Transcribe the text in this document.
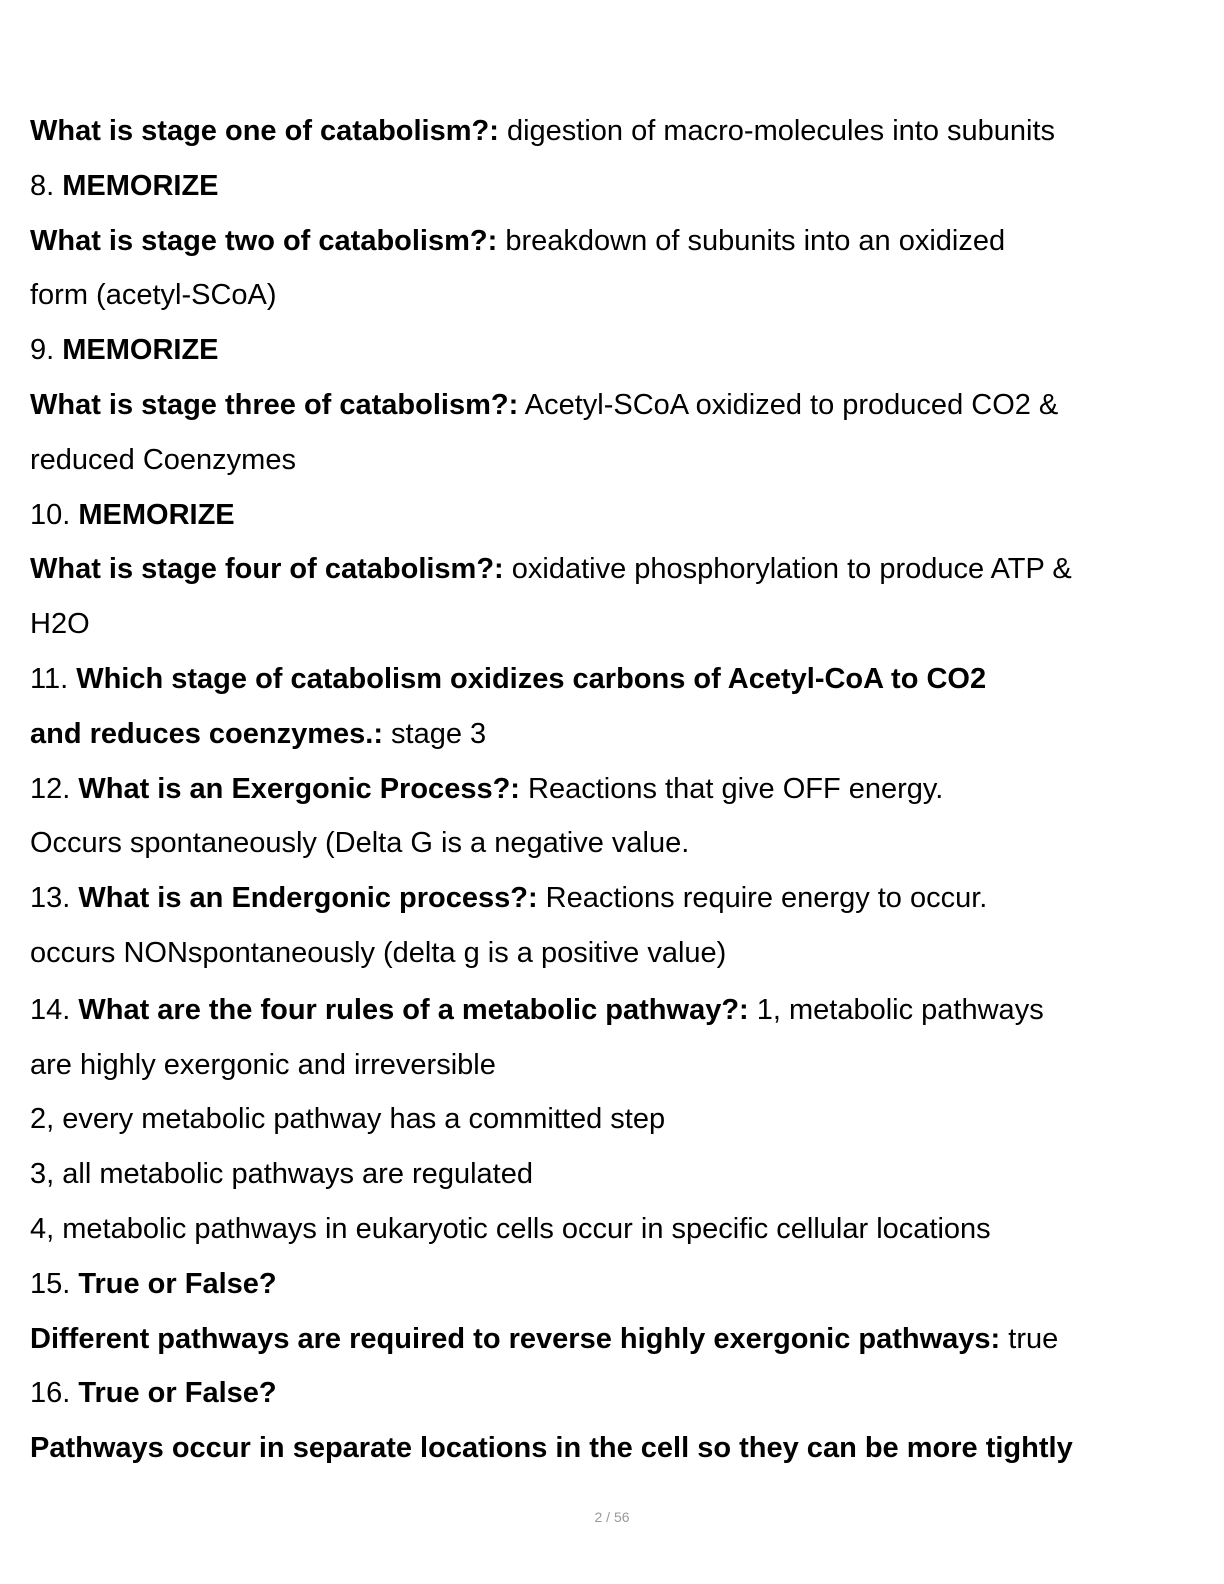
What is stage one of catabolism?: digestion of macro-molecules into subunits
8. MEMORIZE
What is stage two of catabolism?: breakdown of subunits into an oxidized
form (acetyl-SCoA)
9. MEMORIZE
What is stage three of catabolism?: Acetyl-SCoA oxidized to produced CO2 &
reduced Coenzymes
10. MEMORIZE
What is stage four of catabolism?: oxidative phosphorylation to produce ATP &
H2O
11. Which stage of catabolism oxidizes carbons of Acetyl-CoA to CO2
and reduces coenzymes.: stage 3
12. What is an Exergonic Process?: Reactions that give OFF energy.
Occurs spontaneously (Delta G is a negative value.
13. What is an Endergonic process?: Reactions require energy to occur.
occurs NONspontaneously (delta g is a positive value)
14. What are the four rules of a metabolic pathway?: 1, metabolic pathways
are highly exergonic and irreversible
2, every metabolic pathway has a committed step
3, all metabolic pathways are regulated
4, metabolic pathways in eukaryotic cells occur in specific cellular locations
15. True or False?
Different pathways are required to reverse highly exergonic pathways: true
16. True or False?
Pathways occur in separate locations in the cell so they can be more tightly
2 / 56
